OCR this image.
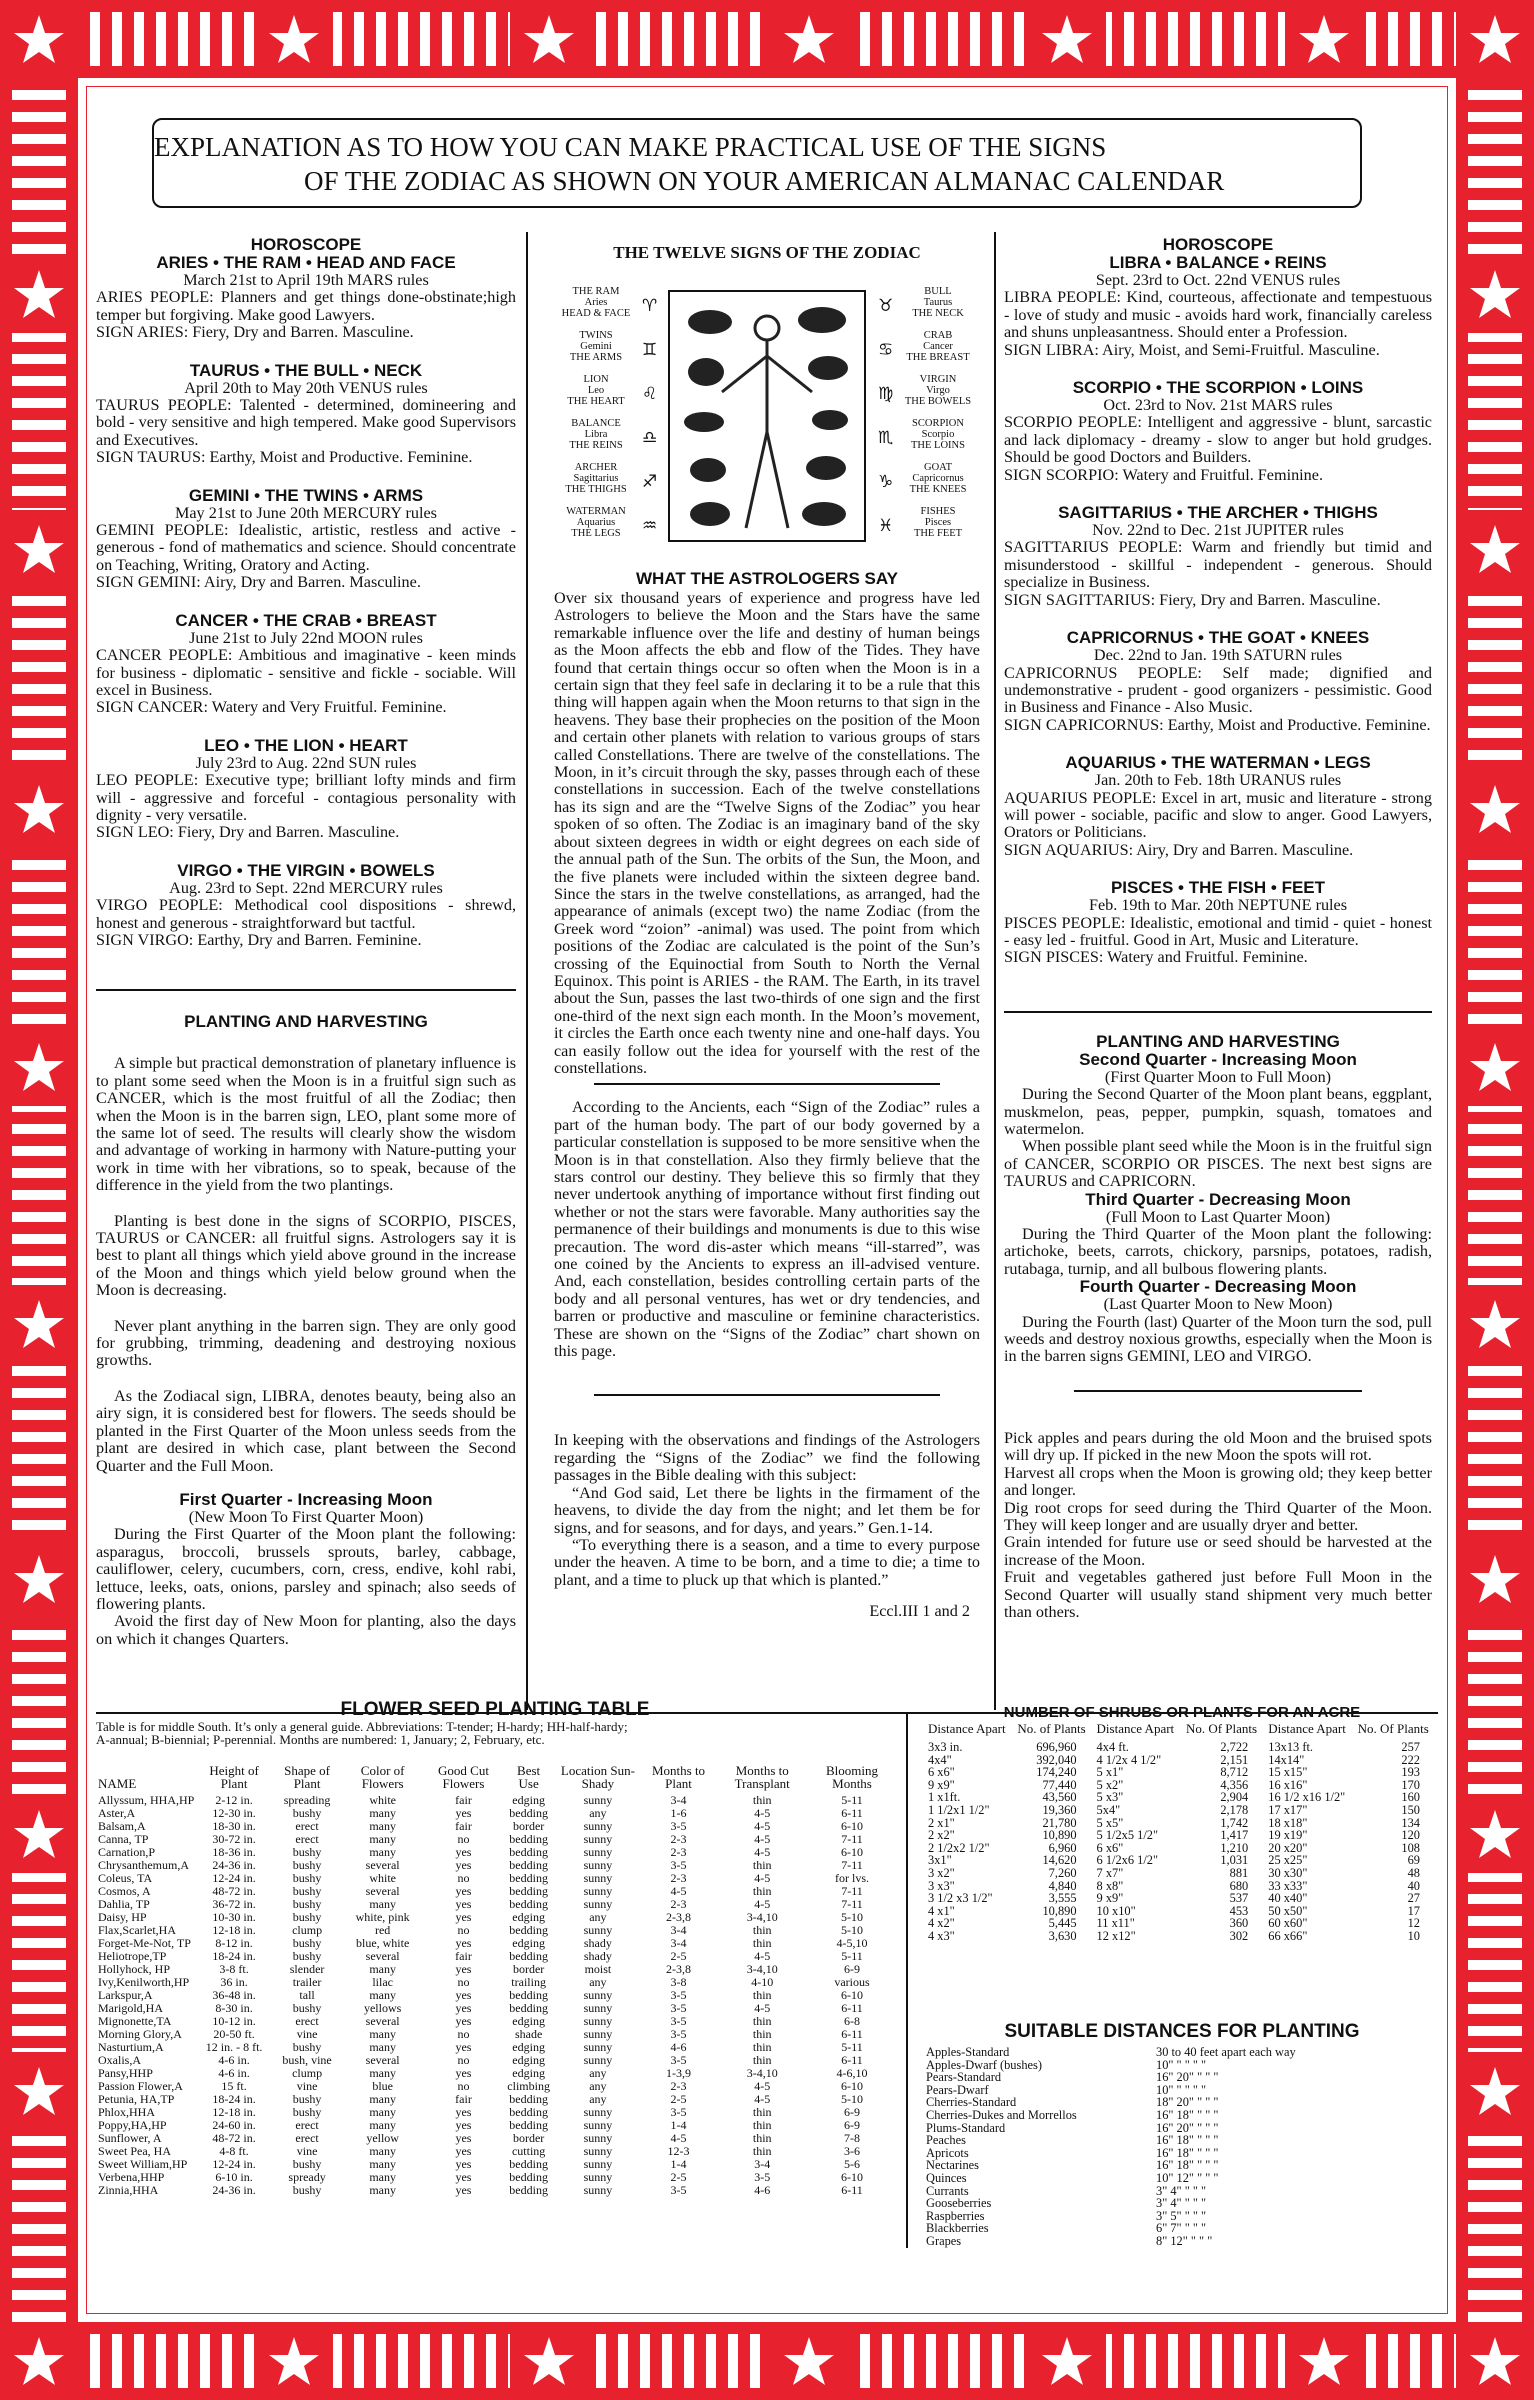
EXPLANATION AS TO HOW YOU CAN MAKE PRACTICAL USE OF THE SIGNS
OF THE ZODIAC AS SHOWN ON YOUR AMERICAN ALMANAC CALENDAR
HOROSCOPE
ARIES • THE RAM • HEAD AND FACE

March 21st to April 19th MARS rules

ARIES PEOPLE: Planners and get things done-obstinate;high temper but forgiving. Make good Lawyers.

SIGN ARIES: Fiery, Dry and Barren. Masculine.

TAURUS • THE BULL • NECK

April 20th to May 20th VENUS rules

TAURUS PEOPLE: Talented - determined, domineering and bold - very sensitive and high tempered. Make good Supervisors and Executives.

SIGN TAURUS: Earthy, Moist and Productive. Feminine.

GEMINI • THE TWINS • ARMS

May 21st to June 20th MERCURY rules

GEMINI PEOPLE: Idealistic, artistic, restless and active - generous - fond of mathematics and science. Should concentrate on Teaching, Writing, Oratory and Acting.

SIGN GEMINI: Airy, Dry and Barren. Masculine.

CANCER • THE CRAB • BREAST

June 21st to July 22nd MOON rules

CANCER PEOPLE: Ambitious and imaginative - keen minds for business - diplomatic - sensitive and fickle - sociable. Will excel in Business.

SIGN CANCER: Watery and Very Fruitful. Feminine.

LEO • THE LION • HEART

July 23rd to Aug. 22nd SUN rules

LEO PEOPLE: Executive type; brilliant lofty minds and firm will - aggressive and forceful - contagious personality with dignity - very versatile.

SIGN LEO: Fiery, Dry and Barren. Masculine.

VIRGO • THE VIRGIN • BOWELS

Aug. 23rd to Sept. 22nd MERCURY rules

VIRGO PEOPLE: Methodical cool dispositions - shrewd, honest and generous - straightforward but tactful.

SIGN VIRGO: Earthy, Dry and Barren. Feminine.

PLANTING AND HARVESTING

A simple but practical demonstration of planetary influence is to plant some seed when the Moon is in a fruitful sign such as CANCER, which is the most fruitful of all the Zodiac; then when the Moon is in the barren sign, LEO, plant some more of the same lot of seed. The results will clearly show the wisdom and advantage of working in harmony with Nature-putting your work in time with her vibrations, so to speak, because of the difference in the yield from the two plantings.

Planting is best done in the signs of SCORPIO, PISCES, TAURUS or CANCER: all fruitful signs. Astrologers say it is best to plant all things which yield above ground in the increase of the Moon and things which yield below ground when the Moon is decreasing.

Never plant anything in the barren sign. They are only good for grubbing, trimming, deadening and destroying noxious growths.

As the Zodiacal sign, LIBRA, denotes beauty, being also an airy sign, it is considered best for flowers. The seeds should be planted in the First Quarter of the Moon unless seeds from the plant are desired in which case, plant between the Second Quarter and the Full Moon.

First Quarter - Increasing Moon

(New Moon To First Quarter Moon)

During the First Quarter of the Moon plant the following: asparagus, broccoli, brussels sprouts, barley, cabbage, cauliflower, celery, cucumbers, corn, cress, endive, kohl rabi, lettuce, leeks, oats, onions, parsley and spinach; also seeds of flowering plants.

Avoid the first day of New Moon for planting, also the days on which it changes Quarters.

THE TWELVE SIGNS OF THE ZODIAC
THE RAM
Aries
HEAD & FACE
TWINS
Gemini
THE ARMS
LION
Leo
THE HEART
BALANCE
Libra
THE REINS
ARCHER
Sagittarius
THE THIGHS
WATERMAN
Aquarius
THE LEGS
BULL
Taurus
THE NECK
CRAB
Cancer
THE BREAST
VIRGIN
Virgo
THE BOWELS
SCORPION
Scorpio
THE LOINS
GOAT
Capricornus
THE KNEES
FISHES
Pisces
THE FEET
♈
♊
♌
♎
♐
♒
♉
♋
♍
♏
♑
♓
WHAT THE ASTROLOGERS SAY

Over six thousand years of experience and progress have led Astrologers to believe the Moon and the Stars have the same remarkable influence over the life and destiny of human beings as the Moon affects the ebb and flow of the Tides. They have found that certain things occur so often when the Moon is in a certain sign that they feel safe in declaring it to be a rule that this thing will happen again when the Moon returns to that sign in the heavens. They base their prophecies on the position of the Moon and certain other planets with relation to various groups of stars called Constellations. There are twelve of the constellations. The Moon, in it’s circuit through the sky, passes through each of these constellations in succession. Each of the twelve constellations has its sign and are the “Twelve Signs of the Zodiac” you hear spoken of so often. The Zodiac is an imaginary band of the sky about sixteen degrees in width or eight degrees on each side of the annual path of the Sun. The orbits of the Sun, the Moon, and the five planets were included within the sixteen degree band. Since the stars in the twelve constellations, as arranged, had the appearance of animals (except two) the name Zodiac (from the Greek word “zoion” -animal) was used. The point from which positions of the Zodiac are calculated is the point of the Sun’s crossing of the Equinoctial from South to North the Vernal Equinox. This point is ARIES - the RAM. The Earth, in its travel about the Sun, passes the last two-thirds of one sign and the first one-third of the next sign each month. In the Moon’s movement, it circles the Earth once each twenty nine and one-half days. You can easily follow out the idea for yourself with the rest of the constellations.

According to the Ancients, each “Sign of the Zodiac” rules a part of the human body. The part of our body governed by a particular constellation is supposed to be more sensitive when the Moon is in that constellation. Also they firmly believe that the stars control our destiny. They believe this so firmly that they never undertook anything of importance without first finding out whether or not the stars were favorable. Many authorities say the permanence of their buildings and monuments is due to this wise precaution. The word dis-aster which means “ill-starred”, was one coined by the Ancients to express an ill-advised venture. And, each constellation, besides controlling certain parts of the body and all personal ventures, has wet or dry tendencies, and barren or productive and masculine or feminine characteristics. These are shown on the “Signs of the Zodiac” chart shown on this page.

In keeping with the observations and findings of the Astrologers regarding the “Signs of the Zodiac” we find the following passages in the Bible dealing with this subject:

“And God said, Let there be lights in the firmament of the heavens, to divide the day from the night; and let them be for signs, and for seasons, and for days, and years.” Gen.1-14.

“To everything there is a season, and a time to every purpose under the heaven. A time to be born, and a time to die; a time to plant, and a time to pluck up that which is planted.”

Eccl.III 1 and 2

HOROSCOPE
LIBRA • BALANCE • REINS

Sept. 23rd to Oct. 22nd VENUS rules

LIBRA PEOPLE: Kind, courteous, affectionate and tempestuous - love of study and music - avoids hard work, financially careless and shuns unpleasantness. Should enter a Profession.

SIGN LIBRA: Airy, Moist, and Semi-Fruitful. Masculine.

SCORPIO • THE SCORPION • LOINS

Oct. 23rd to Nov. 21st MARS rules

SCORPIO PEOPLE: Intelligent and aggressive - blunt, sarcastic and lack diplomacy - dreamy - slow to anger but hold grudges. Should be good Doctors and Builders.

SIGN SCORPIO: Watery and Fruitful. Feminine.

SAGITTARIUS • THE ARCHER • THIGHS

Nov. 22nd to Dec. 21st JUPITER rules

SAGITTARIUS PEOPLE: Warm and friendly but timid and misunderstood - skillful - independent - generous. Should specialize in Business.

SIGN SAGITTARIUS: Fiery, Dry and Barren. Masculine.

CAPRICORNUS • THE GOAT • KNEES

Dec. 22nd to Jan. 19th SATURN rules

CAPRICORNUS PEOPLE: Self made; dignified and undemonstrative - prudent - good organizers - pessimistic. Good in Business and Finance - Also Music.

SIGN CAPRICORNUS: Earthy, Moist and Productive. Feminine.

AQUARIUS • THE WATERMAN • LEGS

Jan. 20th to Feb. 18th URANUS rules

AQUARIUS PEOPLE: Excel in art, music and literature - strong will power - sociable, pacific and slow to anger. Good Lawyers, Orators or Politicians.

SIGN AQUARIUS: Airy, Dry and Barren. Masculine.

PISCES • THE FISH • FEET

Feb. 19th to Mar. 20th NEPTUNE rules

PISCES PEOPLE: Idealistic, emotional and timid - quiet - honest - easy led - fruitful. Good in Art, Music and Literature.

SIGN PISCES: Watery and Fruitful. Feminine.

PLANTING AND HARVESTING
Second Quarter - Increasing Moon

(First Quarter Moon to Full Moon)

During the Second Quarter of the Moon plant beans, eggplant, muskmelon, peas, pepper, pumpkin, squash, tomatoes and watermelon.

When possible plant seed while the Moon is in the fruitful sign of CANCER, SCORPIO OR PISCES. The next best signs are TAURUS and CAPRICORN.

Third Quarter - Decreasing Moon

(Full Moon to Last Quarter Moon)

During the Third Quarter of the Moon plant the following: artichoke, beets, carrots, chickory, parsnips, potatoes, radish, rutabaga, turnip, and all bulbous flowering plants.

Fourth Quarter - Decreasing Moon

(Last Quarter Moon to New Moon)

During the Fourth (last) Quarter of the Moon turn the sod, pull weeds and destroy noxious growths, especially when the Moon is in the barren signs GEMINI, LEO and VIRGO.

Pick apples and pears during the old Moon and the bruised spots will dry up. If picked in the new Moon the spots will rot.

Harvest all crops when the Moon is growing old; they keep better and longer.

Dig root crops for seed during the Third Quarter of the Moon. They will keep longer and are usually dryer and better.

Grain intended for future use or seed should be harvested at the increase of the Moon.

Fruit and vegetables gathered just before Full Moon in the Second Quarter will usually stand shipment very much better than others.

FLOWER SEED PLANTING TABLE
Table is for middle South. It’s only a general guide. Abbreviations: T-tender; H-hardy; HH-half-hardy;
A-annual; B-biennial; P-perennial. Months are numbered: 1, January; 2, February, etc.
NAME	Height of Plant	Shape of Plant	Color of Flowers	Good Cut Flowers	Best Use	Location Sun-Shady	Months to Plant	Months to Transplant	Blooming Months
Allyssum, HHA,HP	2-12 in.	spreading	white	fair	edging	sunny	3-4	thin	5-11
Aster,A	12-30 in.	bushy	many	yes	bedding	any	1-6	4-5	6-11
Balsam,A	18-30 in.	erect	many	fair	border	sunny	3-5	4-5	6-10
Canna, TP	30-72 in.	erect	many	no	bedding	sunny	2-3	4-5	7-11
Carnation,P	18-36 in.	bushy	many	yes	bedding	sunny	2-3	4-5	6-10
Chrysanthemum,A	24-36 in.	bushy	several	yes	bedding	sunny	3-5	thin	7-11
Coleus, TA	12-24 in.	bushy	white	no	bedding	sunny	2-3	4-5	for lvs.
Cosmos, A	48-72 in.	bushy	several	yes	bedding	sunny	4-5	thin	7-11
Dahlia, TP	36-72 in.	bushy	many	yes	bedding	sunny	2-3	4-5	7-11
Daisy, HP	10-30 in.	bushy	white, pink	yes	edging	any	2-3,8	3-4,10	5-10
Flax,Scarlet,HA	12-18 in.	clump	red	no	bedding	sunny	3-4	thin	5-10
Forget-Me-Not, TP	8-12 in.	bushy	blue, white	yes	edging	shady	3-4	thin	4-5,10
Heliotrope,TP	18-24 in.	bushy	several	fair	bedding	shady	2-5	4-5	5-11
Hollyhock, HP	3-8 ft.	slender	many	yes	border	moist	2-3,8	3-4,10	6-9
Ivy,Kenilworth,HP	36 in.	trailer	lilac	no	trailing	any	3-8	4-10	various
Larkspur,A	36-48 in.	tall	many	yes	bedding	sunny	3-5	thin	6-10
Marigold,HA	8-30 in.	bushy	yellows	yes	bedding	sunny	3-5	4-5	6-11
Mignonette,TA	10-12 in.	erect	several	yes	edging	sunny	3-5	thin	6-8
Morning Glory,A	20-50 ft.	vine	many	no	shade	sunny	3-5	thin	6-11
Nasturtium,A	12 in. - 8 ft.	bushy	many	yes	edging	sunny	4-6	thin	5-11
Oxalis,A	4-6 in.	bush, vine	several	no	edging	sunny	3-5	thin	6-11
Pansy,HHP	4-6 in.	clump	many	yes	edging	any	1-3,9	3-4,10	4-6,10
Passion Flower,A	15 ft.	vine	blue	no	climbing	any	2-3	4-5	6-10
Petunia, HA,TP	18-24 in.	bushy	many	fair	bedding	any	2-5	4-5	5-10
Phlox,HHA	12-18 in.	bushy	many	yes	bedding	sunny	3-5	thin	6-9
Poppy,HA,HP	24-60 in.	erect	many	yes	bedding	sunny	1-4	thin	6-9
Sunflower, A	48-72 in.	erect	yellow	yes	border	sunny	4-5	thin	7-8
Sweet Pea, HA	4-8 ft.	vine	many	yes	cutting	sunny	12-3	thin	3-6
Sweet William,HP	12-24 in.	bushy	many	yes	bedding	sunny	1-4	3-4	5-6
Verbena,HHP	6-10 in.	spready	many	yes	bedding	sunny	2-5	3-5	6-10
Zinnia,HHA	24-36 in.	bushy	many	yes	bedding	sunny	3-5	4-6	6-11
NUMBER OF SHRUBS OR PLANTS FOR AN ACRE
Distance Apart	No. of Plants	Distance Apart	No. Of Plants	Distance Apart	No. Of Plants
3x3 in.	696,960	4x4 ft.	2,722	13x13 ft.	257
4x4"	392,040	4 1/2x 4 1/2"	2,151	14x14"	222
6 x6"	174,240	5 x1"	8,712	15 x15"	193
9 x9"	77,440	5 x2"	4,356	16 x16"	170
1 x1ft.	43,560	5 x3"	2,904	16 1/2 x16 1/2"	160
1 1/2x1 1/2"	19,360	5x4"	2,178	17 x17"	150
2 x1"	21,780	5 x5"	1,742	18 x18"	134
2 x2"	10,890	5 1/2x5 1/2"	1,417	19 x19"	120
2 1/2x2 1/2"	6,960	6 x6"	1,210	20 x20"	108
3x1"	14,620	6 1/2x6 1/2"	1,031	25 x25"	69
3 x2"	7,260	7 x7"	881	30 x30"	48
3 x3"	4,840	8 x8"	680	33 x33"	40
3 1/2 x3 1/2"	3,555	9 x9"	537	40 x40"	27
4 x1"	10,890	10 x10"	453	50 x50"	17
4 x2"	5,445	11 x11"	360	60 x60"	12
4 x3"	3,630	12 x12"	302	66 x66"	10
SUITABLE DISTANCES FOR PLANTING
Apples-Standard	30 to 40 feet apart each way
Apples-Dwarf (bushes)	10" " " " "
Pears-Standard	16" 20" " " "
Pears-Dwarf	10" " " " "
Cherries-Standard	18" 20" " " "
Cherries-Dukes and Morrellos	16" 18" " " "
Plums-Standard	16" 20" " " "
Peaches	16" 18" " " "
Apricots	16" 18" " " "
Nectarines	16" 18" " " "
Quinces	10" 12" " " "
Currants	3" 4" " " "
Gooseberries	3" 4" " " "
Raspberries	3" 5" " " "
Blackberries	6" 7" " " "
Grapes	8" 12" " " "
